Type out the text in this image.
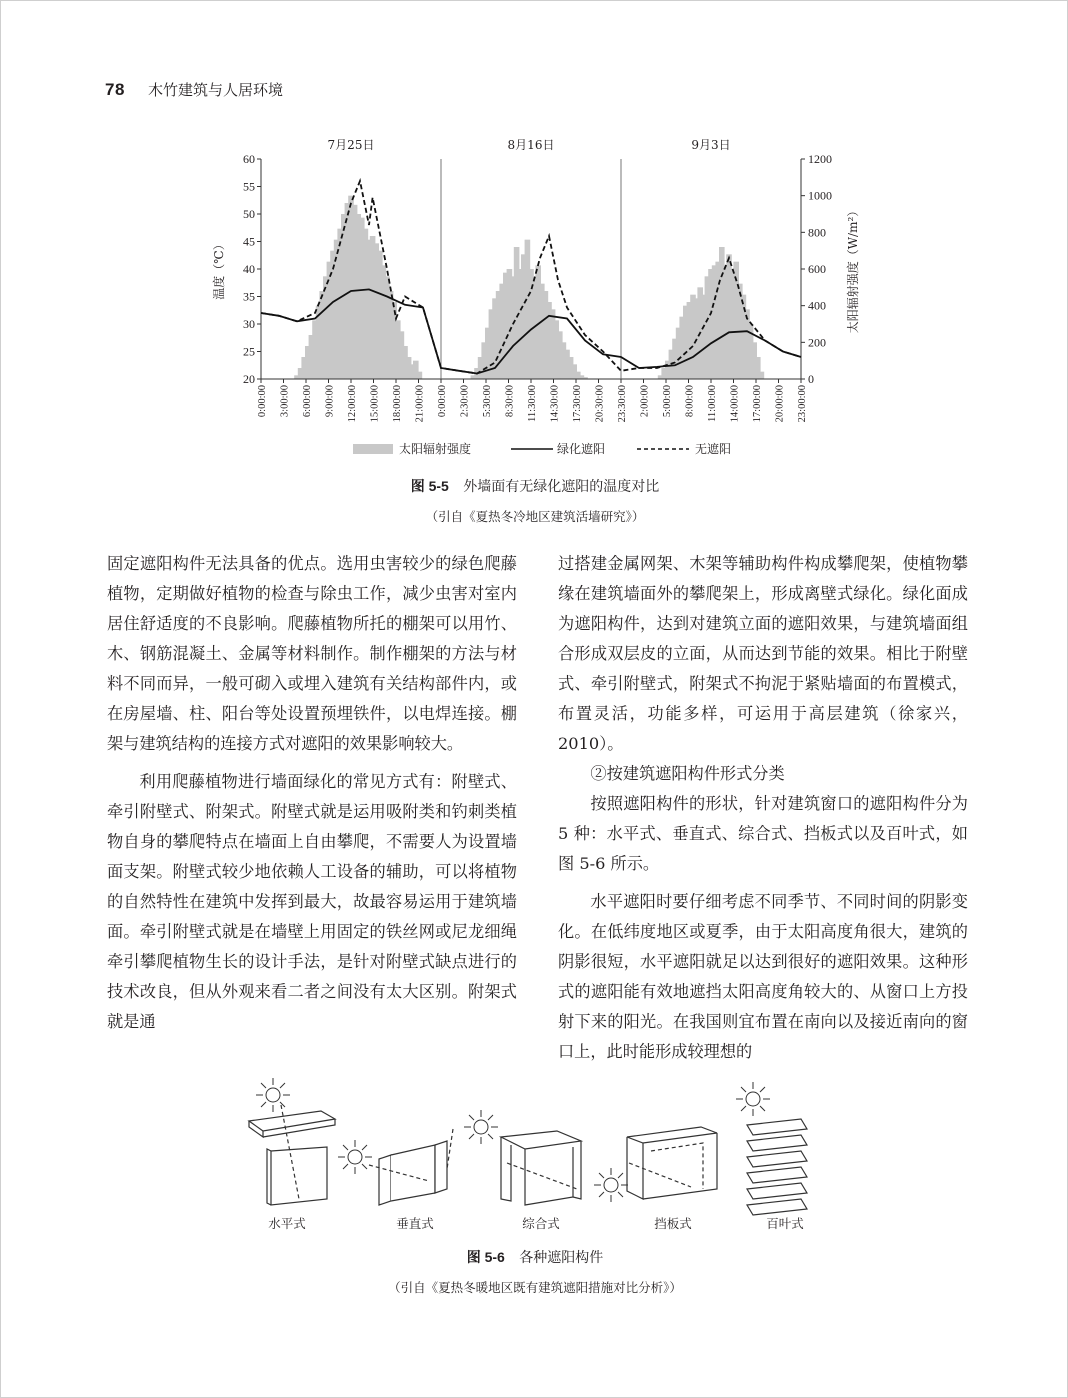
78 木竹建筑与人居环境
20
25
30
35
40
45
50
55
60
0
200
400
600
800
1000
1200
0:00:00 3:00:00 6:00:00 9:00:00 12:00:00 15:00:00 18:00:00 21:00:00 0:00:00 2:30:00 5:30:00 8:30:00 11:30:00 14:30:00 17:30:00 20:30:00 23:30:00 2:00:00 5:00:00 8:00:00 11:00:00 14:00:00 17:00:00 20:00:00 23:00:00
7月25日	8月16日	9月3日
温度（℃）	太阳辐射强度（W/m²）
太阳辐射强度	绿化遮阳	无遮阳
图 5-5 外墙面有无绿化遮阳的温度对比
（引自《夏热冬冷地区建筑活墙研究》）

固定遮阳构件无法具备的优点。选用虫害较少的绿色爬藤植物，定期做好植物的检查与除虫工作，减少虫害对室内居住舒适度的不良影响。爬藤植物所托的棚架可以用竹、木、钢筋混凝土、金属等材料制作。制作棚架的方法与材料不同而异，一般可砌入或埋入建筑有关结构部件内，或在房屋墙、柱、阳台等处设置预埋铁件，以电焊连接。棚架与建筑结构的连接方式对遮阳的效果影响较大。

利用爬藤植物进行墙面绿化的常见方式有：附壁式、牵引附壁式、附架式。附壁式就是运用吸附类和钓刺类植物自身的攀爬特点在墙面上自由攀爬，不需要人为设置墙面支架。附壁式较少地依赖人工设备的辅助，可以将植物的自然特性在建筑中发挥到最大，故最容易运用于建筑墙面。牵引附壁式就是在墙壁上用固定的铁丝网或尼龙细绳牵引攀爬植物生长的设计手法，是针对附壁式缺点进行的技术改良，但从外观来看二者之间没有太大区别。附架式就是通

过搭建金属网架、木架等辅助构件构成攀爬架，使植物攀缘在建筑墙面外的攀爬架上，形成离壁式绿化。绿化面成为遮阳构件，达到对建筑立面的遮阳效果，与建筑墙面组合形成双层皮的立面，从而达到节能的效果。相比于附壁式、牵引附壁式，附架式不拘泥于紧贴墙面的布置模式，布置灵活，功能多样，可运用于高层建筑（徐家兴，2010）。

②按建筑遮阳构件形式分类

按照遮阳构件的形状，针对建筑窗口的遮阳构件分为 5 种：水平式、垂直式、综合式、挡板式以及百叶式，如图 5-6 所示。

水平遮阳时要仔细考虑不同季节、不同时间的阴影变化。在低纬度地区或夏季，由于太阳高度角很大，建筑的阴影很短，水平遮阳就足以达到很好的遮阳效果。这种形式的遮阳能有效地遮挡太阳高度角较大的、从窗口上方投射下来的阳光。在我国则宜布置在南向以及接近南向的窗口上，此时能形成较理想的

水平式	垂直式	综合式	挡板式	百叶式
图 5-6 各种遮阳构件
（引自《夏热冬暖地区既有建筑遮阳措施对比分析》）
